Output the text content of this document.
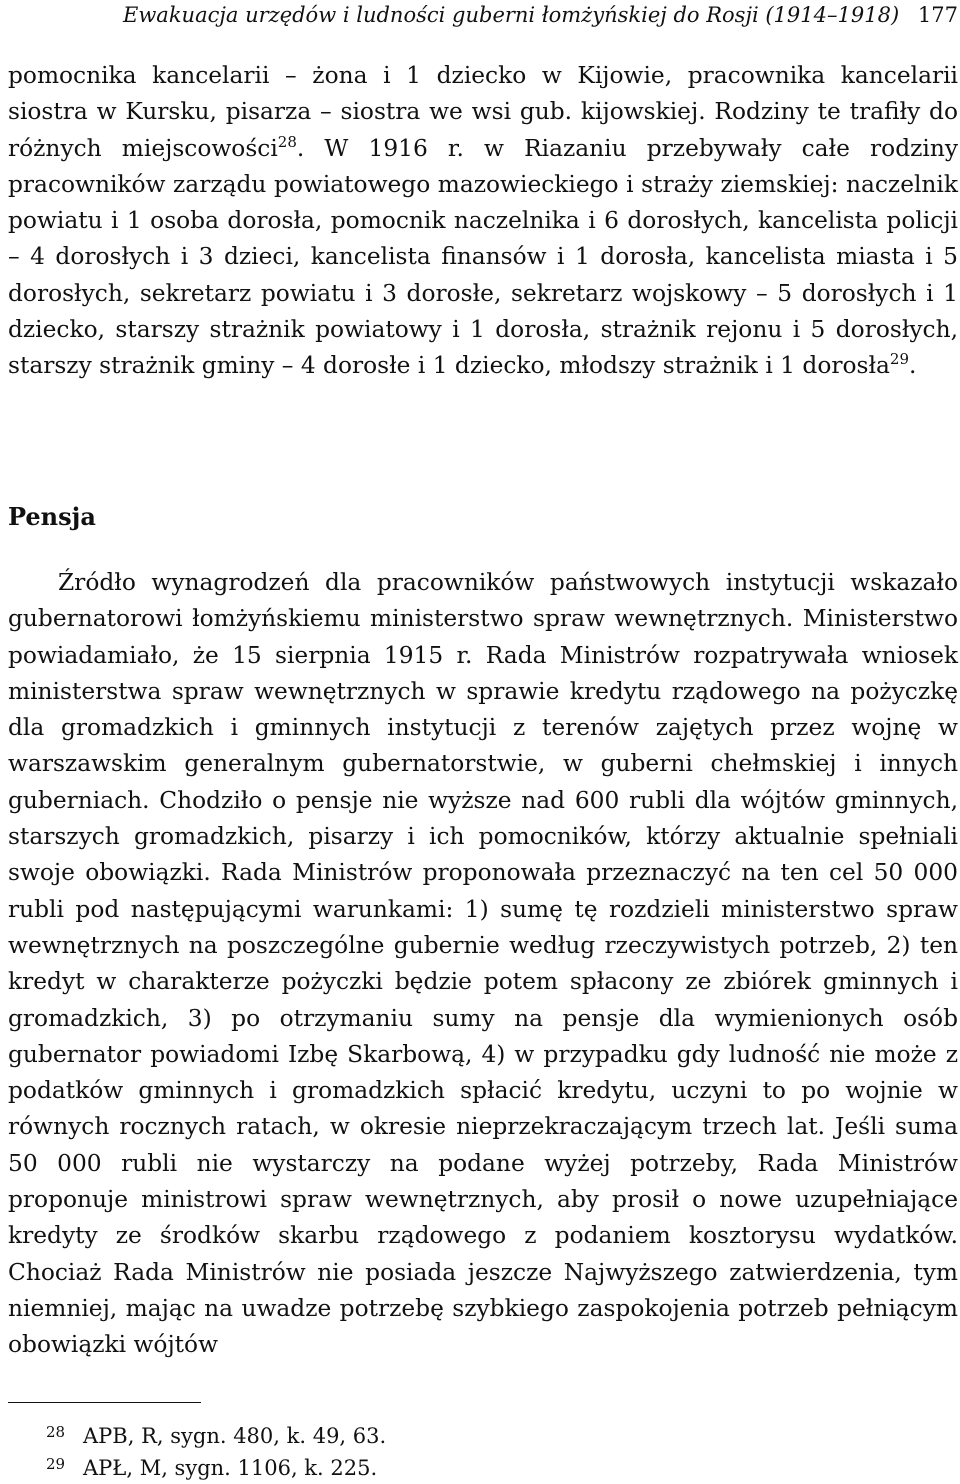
Ewakuacja urzędów i ludności guberni łomżyńskiej do Rosji (1914–1918) 177

pomocnika kancelarii – żona i 1 dziecko w Kijowie, pracownika kancelarii siostra w Kursku, pisarza – siostra we wsi gub. kijowskiej. Rodziny te trafiły do różnych miejscowości$^{28}$. W 1916 r. w Riazaniu przebywały całe rodziny pracowników zarządu powiatowego mazowieckiego i straży ziemskiej: naczelnik powiatu i 1 osoba dorosła, pomocnik naczelnika i 6 dorosłych, kancelista policji – 4 dorosłych i 3 dzieci, kancelista finansów i 1 dorosła, kancelista miasta i 5 dorosłych, sekretarz powiatu i 3 dorosłe, sekretarz wojskowy – 5 dorosłych i 1 dziecko, starszy strażnik powiatowy i 1 dorosła, strażnik rejonu i 5 dorosłych, starszy strażnik gminy – 4 dorosłe i 1 dziecko, młodszy strażnik i 1 dorosła$^{29}$.

Pensja

Źródło wynagrodzeń dla pracowników państwowych instytucji wskazało gubernatorowi łomżyńskiemu ministerstwo spraw wewnętrznych. Ministerstwo powiadamiało, że 15 sierpnia 1915 r. Rada Ministrów rozpatrywała wniosek ministerstwa spraw wewnętrznych w sprawie kredytu rządowego na pożyczkę dla gromadzkich i gminnych instytucji z terenów zajętych przez wojnę w warszawskim generalnym gubernatorstwie, w guberni chełmskiej i innych guberniach. Chodziło o pensje nie wyższe nad 600 rubli dla wójtów gminnych, starszych gromadzkich, pisarzy i ich pomocników, którzy aktualnie spełniali swoje obowiązki. Rada Ministrów proponowała przeznaczyć na ten cel 50 000 rubli pod następującymi warunkami: 1) sumę tę rozdzieli ministerstwo spraw wewnętrznych na poszczególne gubernie według rzeczywistych potrzeb, 2) ten kredyt w charakterze pożyczki będzie potem spłacony ze zbiórek gminnych i gromadzkich, 3) po otrzymaniu sumy na pensje dla wymienionych osób gubernator powiadomi Izbę Skarbową, 4) w przypadku gdy ludność nie może z podatków gminnych i gromadzkich spłacić kredytu, uczyni to po wojnie w równych rocznych ratach, w okresie nieprzekraczającym trzech lat. Jeśli suma 50 000 rubli nie wystarczy na podane wyżej potrzeby, Rada Ministrów proponuje ministrowi spraw wewnętrznych, aby prosił o nowe uzupełniające kredyty ze środków skarbu rządowego z podaniem kosztorysu wydatków. Chociaż Rada Ministrów nie posiada jeszcze Najwyższego zatwierdzenia, tym niemniej, mając na uwadze potrzebę szybkiego zaspokojenia potrzeb pełniącym obowiązki wójtów

28 APB, R, sygn. 480, k. 49, 63.
29 APŁ, M, sygn. 1106, k. 225.
